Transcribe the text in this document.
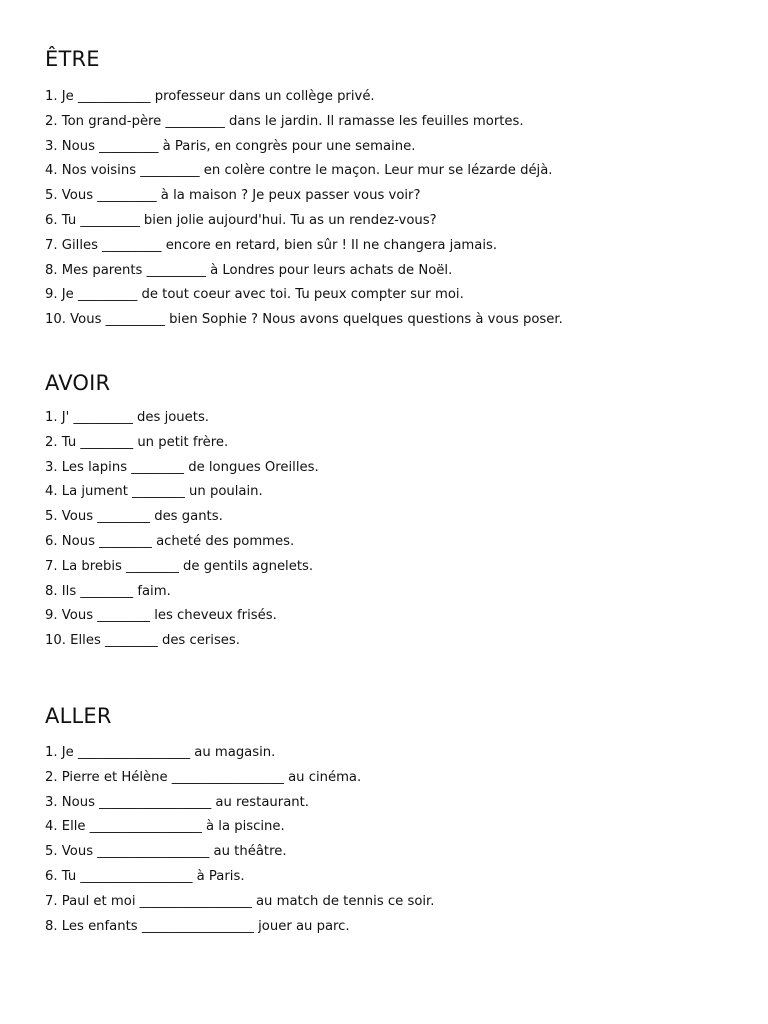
ÊTRE
1. Je ___________ professeur dans un collège privé.
2. Ton grand-père _________ dans le jardin. Il ramasse les feuilles mortes.
3. Nous _________ à Paris, en congrès pour une semaine.
4. Nos voisins _________ en colère contre le maçon. Leur mur se lézarde déjà.
5. Vous _________ à la maison ? Je peux passer vous voir?
6. Tu _________ bien jolie aujourd'hui. Tu as un rendez-vous?
7. Gilles _________ encore en retard, bien sûr ! Il ne changera jamais.
8. Mes parents _________ à Londres pour leurs achats de Noël.
9. Je _________ de tout coeur avec toi. Tu peux compter sur moi.
10. Vous _________ bien Sophie ? Nous avons quelques questions à vous poser.
AVOIR
1. J' _________ des jouets.
2. Tu ________ un petit frère.
3. Les lapins ________ de longues Oreilles.
4. La jument ________ un poulain.
5. Vous ________ des gants.
6. Nous ________ acheté des pommes.
7. La brebis ________ de gentils agnelets.
8. Ils ________ faim.
9. Vous ________ les cheveux frisés.
10. Elles ________ des cerises.
ALLER
1. Je _________________ au magasin.
2. Pierre et Hélène _________________ au cinéma.
3. Nous _________________ au restaurant.
4. Elle _________________ à la piscine.
5. Vous _________________ au théâtre.
6. Tu _________________ à Paris.
7. Paul et moi _________________ au match de tennis ce soir.
8. Les enfants _________________ jouer au parc.
